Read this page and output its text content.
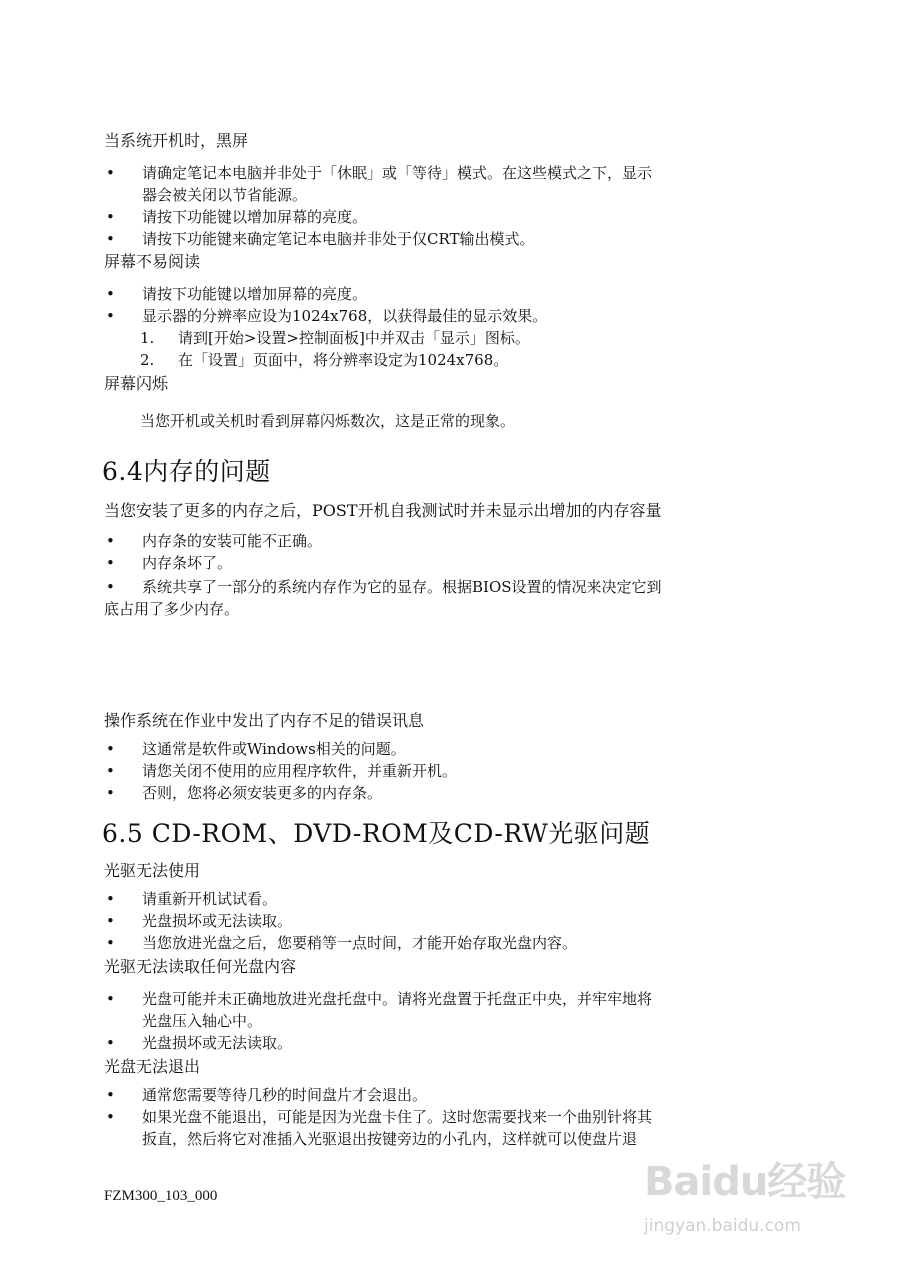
当系统开机时，黑屏
• 请确定笔记本电脑并非处于「休眠」或「等待」模式。在这些模式之下，显示
器会被关闭以节省能源。
• 请按下功能键以增加屏幕的亮度。
• 请按下功能键来确定笔记本电脑并非处于仅CRT输出模式。
屏幕不易阅读
• 请按下功能键以增加屏幕的亮度。
• 显示器的分辨率应设为1024x768，以获得最佳的显示效果。
1. 请到[开始>设置>控制面板]中并双击「显示」图标。
2. 在「设置」页面中，将分辨率设定为1024x768。
屏幕闪烁
当您开机或关机时看到屏幕闪烁数次，这是正常的现象。
6.4内存的问题
当您安装了更多的内存之后，POST开机自我测试时并未显示出增加的内存容量
• 内存条的安装可能不正确。
• 内存条坏了。
• 系统共享了一部分的系统内存作为它的显存。根据BIOS设置的情况来决定它到
底占用了多少内存。
操作系统在作业中发出了内存不足的错误讯息
• 这通常是软件或Windows相关的问题。
• 请您关闭不使用的应用程序软件，并重新开机。
• 否则，您将必须安装更多的内存条。
6.5 CD-ROM、DVD-ROM及CD-RW光驱问题
光驱无法使用
• 请重新开机试试看。
• 光盘损坏或无法读取。
• 当您放进光盘之后，您要稍等一点时间，才能开始存取光盘内容。
光驱无法读取任何光盘内容
• 光盘可能并未正确地放进光盘托盘中。请将光盘置于托盘正中央，并牢牢地将
光盘压入轴心中。
• 光盘损坏或无法读取。
光盘无法退出
• 通常您需要等待几秒的时间盘片才会退出。
• 如果光盘不能退出，可能是因为光盘卡住了。这时您需要找来一个曲别针将其
扳直，然后将它对准插入光驱退出按键旁边的小孔内，这样就可以使盘片退
FZM300_103_000	Baidu经验
jingyan.baidu.com
